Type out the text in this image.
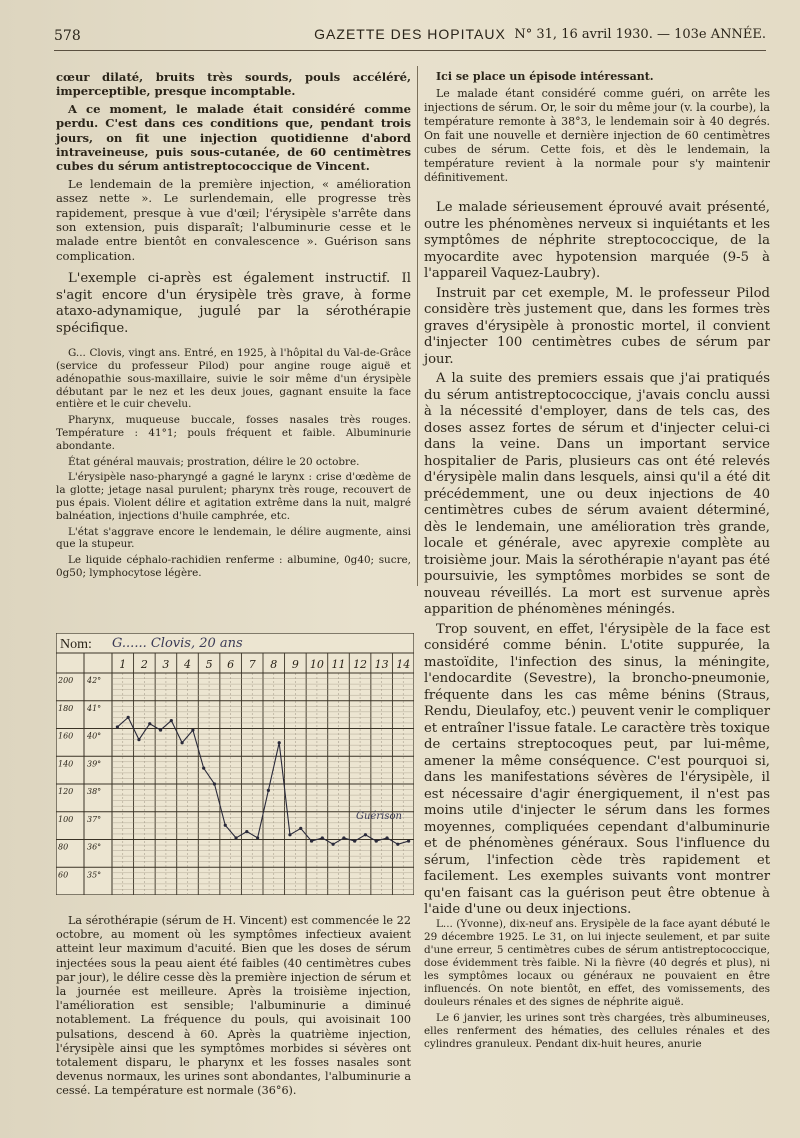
578	GAZETTE DES HOPITAUX N° 31, 16 avril 1930. — 103e ANNÉE.

cœur dilaté, bruits très sourds, pouls accéléré, imperceptible, presque incomptable.

A ce moment, le malade était considéré comme perdu. C'est dans ces conditions que, pendant trois jours, on fit une injection quotidienne d'abord intraveineuse, puis sous-cutanée, de 60 centimètres cubes du sérum antistreptococcique de Vincent.

Le lendemain de la première injection, « amélioration assez nette ». Le surlendemain, elle progresse très rapidement, presque à vue d'œil; l'érysipèle s'arrête dans son extension, puis disparaît; l'albuminurie cesse et le malade entre bientôt en convalescence ». Guérison sans complication.

L'exemple ci-après est également instructif. Il s'agit encore d'un érysipèle très grave, à forme ataxo-adynamique, jugulé par la sérothérapie spécifique.

G... Clovis, vingt ans. Entré, en 1925, à l'hôpital du Val-de-Grâce (service du professeur Pilod) pour angine rouge aiguë et adénopathie sous-maxillaire, suivie le soir même d'un érysipèle débutant par le nez et les deux joues, gagnant ensuite la face entière et le cuir chevelu.

Pharynx, muqueuse buccale, fosses nasales très rouges. Température : 41°1; pouls fréquent et faible. Albuminurie abondante.

État général mauvais; prostration, délire le 20 octobre.

L'érysipèle naso-pharyngé a gagné le larynx : crise d'œdème de la glotte; jetage nasal purulent; pharynx très rouge, recouvert de pus épais. Violent délire et agitation extrême dans la nuit, malgré balnéation, injections d'huile camphrée, etc.

L'état s'aggrave encore le lendemain, le délire augmente, ainsi que la stupeur.

Le liquide céphalo-rachidien renferme : albumine, 0g40; sucre, 0g50; lymphocytose légère.

Nom: G...... Clovis, 20 ans
1 2 3 4 5 6 7 8 9 10 11 12 13 14
200
180
160
140
120
100
80
60
42°
41°
40°
39°
38°
37°
36°
35°
Guérison

La sérothérapie (sérum de H. Vincent) est commencée le 22 octobre, au moment où les symptômes infectieux avaient atteint leur maximum d'acuité. Bien que les doses de sérum injectées sous la peau aient été faibles (40 centimètres cubes par jour), le délire cesse dès la première injection de sérum et la journée est meilleure. Après la troisième injection, l'amélioration est sensible; l'albuminurie a diminué notablement. La fréquence du pouls, qui avoisinait 100 pulsations, descend à 60. Après la quatrième injection, l'érysipèle ainsi que les symptômes morbides si sévères ont totalement disparu, le pharynx et les fosses nasales sont devenus normaux, les urines sont abondantes, l'albuminurie a cessé. La température est normale (36°6).

Ici se place un épisode intéressant.

Le malade étant considéré comme guéri, on arrête les injections de sérum. Or, le soir du même jour (v. la courbe), la température remonte à 38°3, le lendemain soir à 40 degrés. On fait une nouvelle et dernière injection de 60 centimètres cubes de sérum. Cette fois, et dès le lendemain, la température revient à la normale pour s'y maintenir définitivement.

Le malade sérieusement éprouvé avait présenté, outre les phénomènes nerveux si inquiétants et les symptômes de néphrite streptococcique, de la myocardite avec hypotension marquée (9-5 à l'appareil Vaquez-Laubry).

Instruit par cet exemple, M. le professeur Pilod considère très justement que, dans les formes très graves d'érysipèle à pronostic mortel, il convient d'injecter 100 centimètres cubes de sérum par jour.

A la suite des premiers essais que j'ai pratiqués du sérum antistreptococcique, j'avais conclu aussi à la nécessité d'employer, dans de tels cas, des doses assez fortes de sérum et d'injecter celui-ci dans la veine. Dans un important service hospitalier de Paris, plusieurs cas ont été relevés d'érysipèle malin dans lesquels, ainsi qu'il a été dit précédemment, une ou deux injections de 40 centimètres cubes de sérum avaient déterminé, dès le lendemain, une amélioration très grande, locale et générale, avec apyrexie complète au troisième jour. Mais la sérothérapie n'ayant pas été poursuivie, les symptômes morbides se sont de nouveau réveillés. La mort est survenue après apparition de phénomènes méningés.

Trop souvent, en effet, l'érysipèle de la face est considéré comme bénin. L'otite suppurée, la mastoïdite, l'infection des sinus, la méningite, l'endocardite (Sevestre), la broncho-pneumonie, fréquente dans les cas même bénins (Straus, Rendu, Dieulafoy, etc.) peuvent venir le compliquer et entraîner l'issue fatale. Le caractère très toxique de certains streptocoques peut, par lui-même, amener la même conséquence. C'est pourquoi si, dans les manifestations sévères de l'érysipèle, il est nécessaire d'agir énergiquement, il n'est pas moins utile d'injecter le sérum dans les formes moyennes, compliquées cependant d'albuminurie et de phénomènes généraux. Sous l'influence du sérum, l'infection cède très rapidement et facilement. Les exemples suivants vont montrer qu'en faisant cas la guérison peut être obtenue à l'aide d'une ou deux injections.

L... (Yvonne), dix-neuf ans. Erysipèle de la face ayant débuté le 29 décembre 1925. Le 31, on lui injecte seulement, et par suite d'une erreur, 5 centimètres cubes de sérum antistreptococcique, dose évidemment très faible. Ni la fièvre (40 degrés et plus), ni les symptômes locaux ou généraux ne pouvaient en être influencés. On note bientôt, en effet, des vomissements, des douleurs rénales et des signes de néphrite aiguë.

Le 6 janvier, les urines sont très chargées, très albumineuses, elles renferment des hématies, des cellules rénales et des cylindres granuleux. Pendant dix-huit heures, anurie
